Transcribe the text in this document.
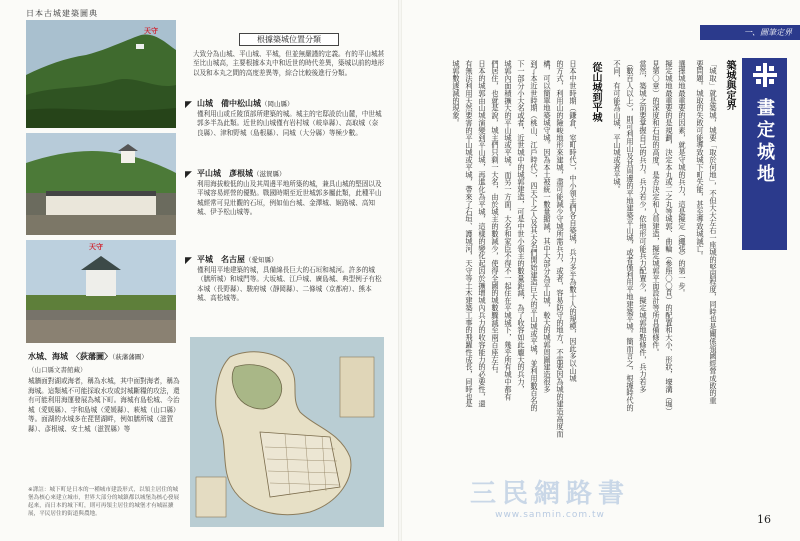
日本古城建築圖典
天守
天守
根據築城位置分類
大致分為山城、平山城、平城，但並無嚴謹的定義。有的平山城甚至比山城高，主要根據本丸中和近世的時代差異，築城以前的地形以及和本丸之間的高度差異等，綜合比較後進行分類。
◤ 山城　備中松山城（岡山縣）
僅利用山或丘陵頂部所建築的城。城主的宅邸設於山麓，中世城郭多半為此類。近世的山城僅有岩村城（岐阜縣）、高取城（奈良縣）、津和野城（島根縣）、同城（大分縣）等極少數。
◤ 平山城　彥根城（滋賀縣）
利用海拔較低的山及其周邊平地所築的城，兼具山城的堅固以及平城容易經營的優點。戰國時期至近世城郭多屬此類，此種平山城經常可見壯觀的石垣，例如仙台城、金澤城、姬路城、高知城、伊予松山城等。
◤ 平城　名古屋（愛知縣）
僅利用平地建築的城，具備綿長巨大的石垣和城河。許多的城（膳所城）和城門等。大坂城、江戶城、廣島城、典型例子有松本城（長野縣）、駿府城（靜岡縣）、二條城（京都府）、熊本城、高松城等。
水城、海城　〈荻藩圖〉（萩藩藩圖）
（山口縣文書館藏）
城牆面對湖或海者，稱為水城，其中面對海者，稱為海城。這類城不可能採取水攻或封城斷糧的攻法，還有可能利用海運發展為城下町。海城有島松城、今治城（愛媛縣）、宇和島城（愛媛縣）、萩城（山口縣）等。面湖的水城多在琵琶湖畔，例如膳所城（滋賀縣）、彥根城、安土城（滋賀縣）等
※譯註：城下町是日本的一種城市建設形式，以領主居住的城堡為核心來建立城市，世界大部分的城鎮都以城堡為核心發展起來，而日本的城下町，則可再領主居住的城堡才有城區擴展，平民居住的街道與農地。
三民網路書
www.sanmin.com.tw
一、圖筆定界
畫定城地
築城與定界
「城取」就是築城，城要「取於何地」，不但大大左右一座城的堅固程度，同時也是關係領國經營成敗的重
要問題。城取的失敗可能導致城下町失能，甚至導致城滅亡。
選擇城地最重要的因素，就是守城的兵力，這是擬定（繩張）的第一步。
擬定城地最重要的是規劃，決定本丸或二之丸等城郭、曲輪（參照〇〇頁）的配置和大小、形狀，壕溝（堀）
見第〇章）的深度和石垣的高度、是否決定和人員建造，擬定城郭平面設計等所具備條件。
當然，築城之前要掌握自己的兵力。兵力若少，依地形可能兵力配置少，擬定城郭地點條件，兵力若多
（數百人以上），則可利用山及其周邊的平地建築平山城，或者僅利用平地建築平城。簡而言之，根據時代的
不同，有可能為山城，平山城或者平城。
從山城到平城
日本中世時期（鎌倉、室町時代），中小領主們各自築城，兵力多半為數十人的規模，因此多以山城
的方式，利用山的險峻地形來建城，盡可能減少守城所需兵力，或者，容易防守的地方，不需要因為城的建造高度而
構，可以簡單地築城守城。因為本土被統一數量縮減，其中大部分為平山城，較大的城郭周圍建造很多
到了本近世時期（桃山、江戶時代），四天下之人及其大名們開始建造巨大的平山城或平城，並利用數百名的
下一部分小大名或者，近世城中的城郭建造，可是中世小領主的數量鉅減，為了收容如此龐大的兵力，
城郭內面積擴大的平山城或平城。而另一方面，大名和家臣不得不一起住在平城城下，幾乎所有城中都有
們居住，也就是說，城主們只剩一大名，由於城主的數減少，使得全國的城數驟減至兩百座左右。
日本的城郭由山城演變到平山城，再進化為平城，這樣的變化起因於擴增城內兵力的收容能力的必要性，還
有無法利用天然要害的平山城或平城，帶來了石垣、護城河，天守等土木建築工事的飛躍性成長，同時也是
城郭數遽減的現象。
16
